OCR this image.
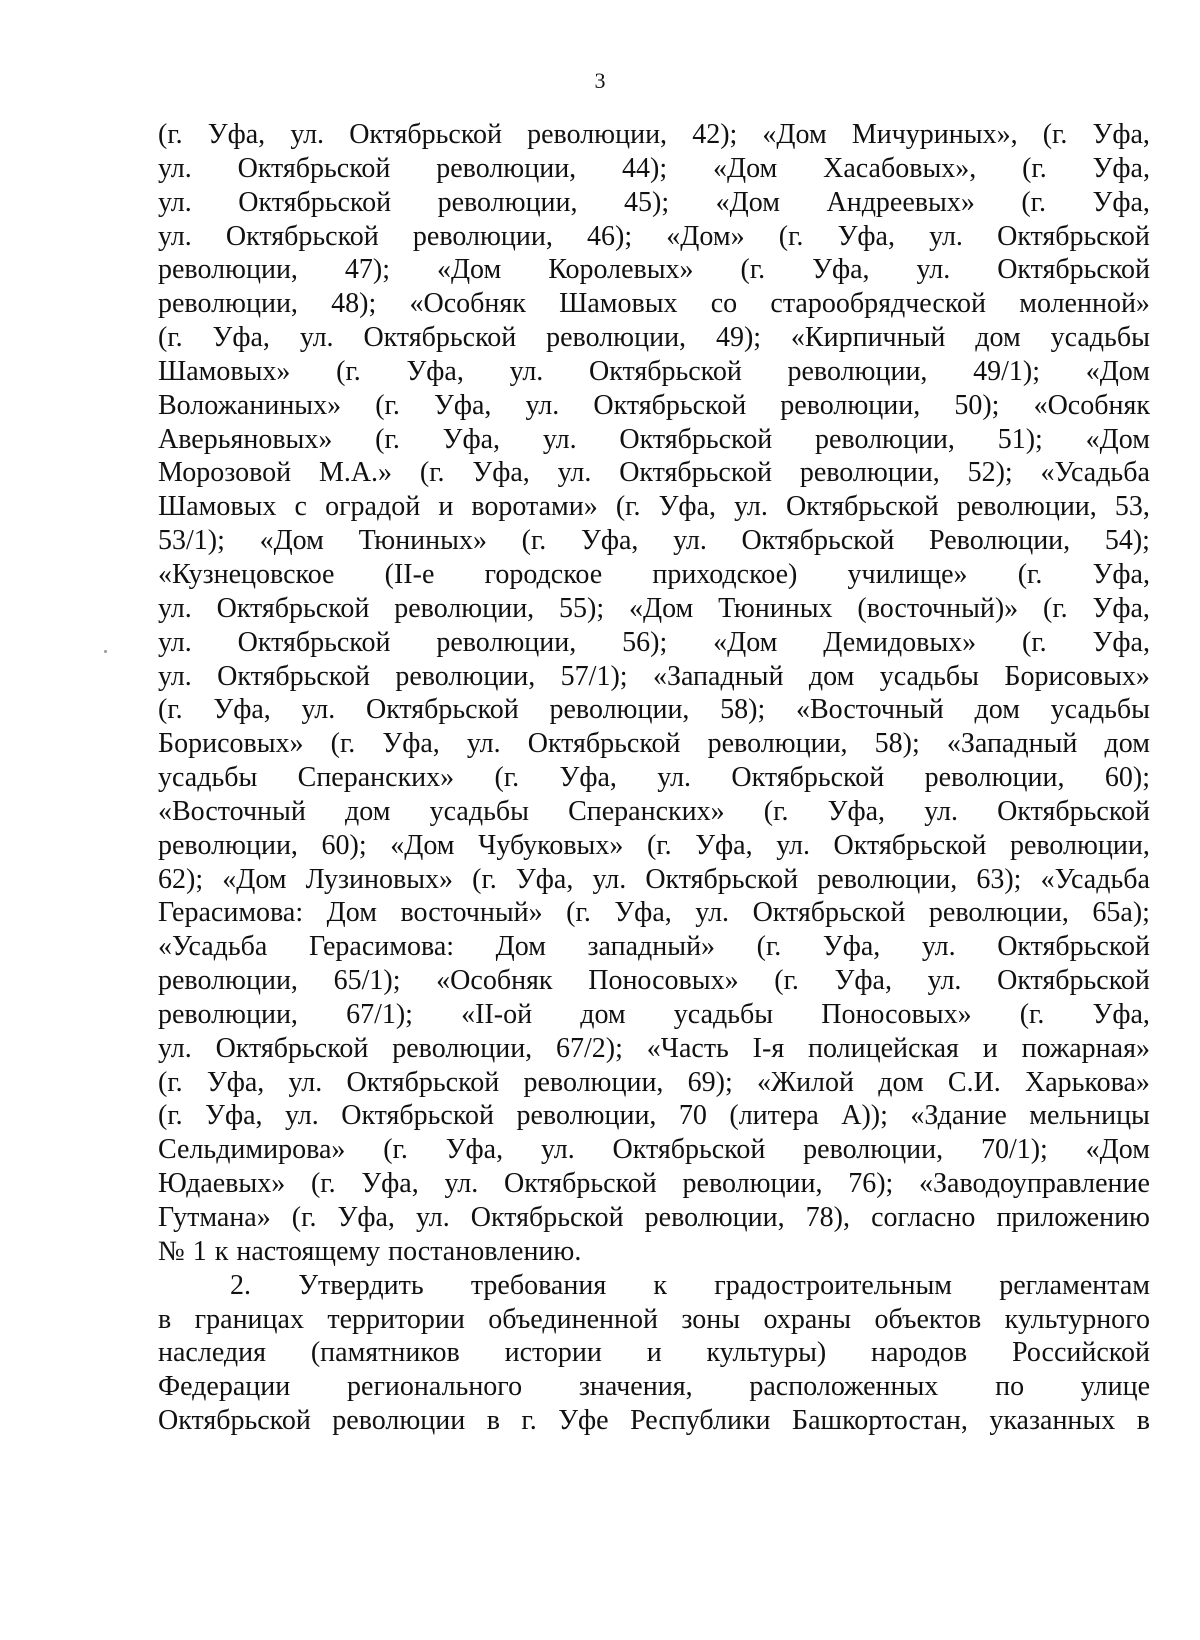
3
(г. Уфа, ул. Октябрьской революции, 42); «Дом Мичуриных», (г. Уфа,
ул. Октябрьской революции, 44); «Дом Хасабовых», (г. Уфа,
ул. Октябрьской революции, 45); «Дом Андреевых» (г. Уфа,
ул. Октябрьской революции, 46); «Дом» (г. Уфа, ул. Октябрьской
революции, 47); «Дом Королевых» (г. Уфа, ул. Октябрьской
революции, 48); «Особняк Шамовых со старообрядческой моленной»
(г. Уфа, ул. Октябрьской революции, 49); «Кирпичный дом усадьбы
Шамовых» (г. Уфа, ул. Октябрьской революции, 49/1); «Дом
Воложаниных» (г. Уфа, ул. Октябрьской революции, 50); «Особняк
Аверьяновых» (г. Уфа, ул. Октябрьской революции, 51); «Дом
Морозовой М.А.» (г. Уфа, ул. Октябрьской революции, 52); «Усадьба
Шамовых с оградой и воротами» (г. Уфа, ул. Октябрьской революции, 53,
53/1); «Дом Тюниных» (г. Уфа, ул. Октябрьской Революции, 54);
«Кузнецовское (II-е городское приходское) училище» (г. Уфа,
ул. Октябрьской революции, 55); «Дом Тюниных (восточный)» (г. Уфа,
ул. Октябрьской революции, 56); «Дом Демидовых» (г. Уфа,
ул. Октябрьской революции, 57/1); «Западный дом усадьбы Борисовых»
(г. Уфа, ул. Октябрьской революции, 58); «Восточный дом усадьбы
Борисовых» (г. Уфа, ул. Октябрьской революции, 58); «Западный дом
усадьбы Сперанских» (г. Уфа, ул. Октябрьской революции, 60);
«Восточный дом усадьбы Сперанских» (г. Уфа, ул. Октябрьской
революции, 60); «Дом Чубуковых» (г. Уфа, ул. Октябрьской революции,
62); «Дом Лузиновых» (г. Уфа, ул. Октябрьской революции, 63); «Усадьба
Герасимова: Дом восточный» (г. Уфа, ул. Октябрьской революции, 65а);
«Усадьба Герасимова: Дом западный» (г. Уфа, ул. Октябрьской
революции, 65/1); «Особняк Поносовых» (г. Уфа, ул. Октябрьской
революции, 67/1); «II-ой дом усадьбы Поносовых» (г. Уфа,
ул. Октябрьской революции, 67/2); «Часть I-я полицейская и пожарная»
(г. Уфа, ул. Октябрьской революции, 69); «Жилой дом С.И. Харькова»
(г. Уфа, ул. Октябрьской революции, 70 (литера А)); «Здание мельницы
Сельдимирова» (г. Уфа, ул. Октябрьской революции, 70/1); «Дом
Юдаевых» (г. Уфа, ул. Октябрьской революции, 76); «Заводоуправление
Гутмана» (г. Уфа, ул. Октябрьской революции, 78), согласно приложению
№ 1 к настоящему постановлению.
2. Утвердить требования к градостроительным регламентам
в границах территории объединенной зоны охраны объектов культурного
наследия (памятников истории и культуры) народов Российской
Федерации регионального значения, расположенных по улице
Октябрьской революции в г. Уфе Республики Башкортостан, указанных в
